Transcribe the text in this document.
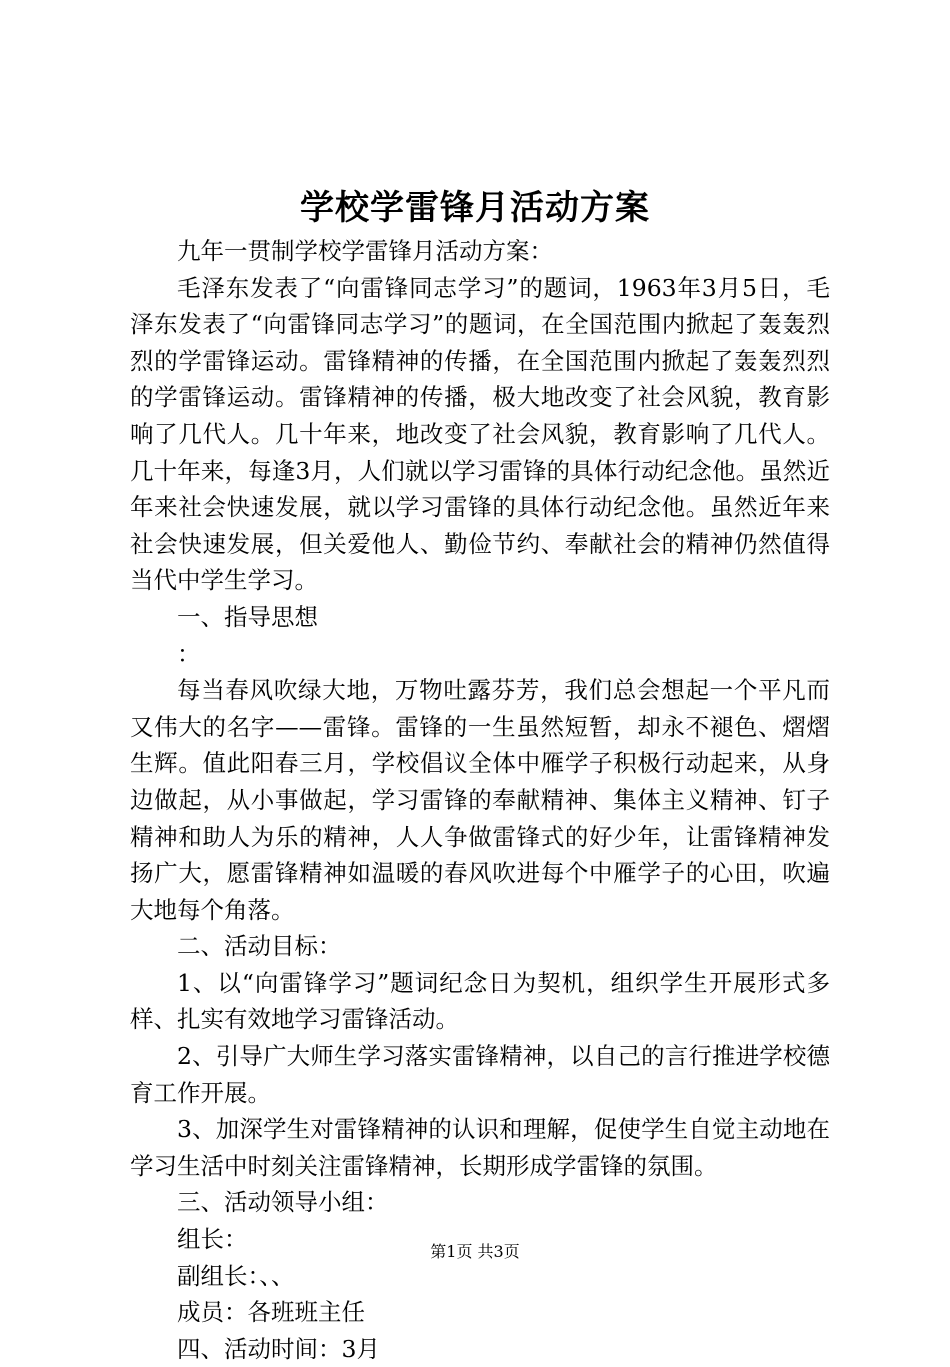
学校学雷锋月活动方案

九年一贯制学校学雷锋月活动方案：

毛泽东发表了“向雷锋同志学习”的题词，1963年3月5日，毛泽东发表了“向雷锋同志学习”的题词，在全国范围内掀起了轰轰烈烈的学雷锋运动。雷锋精神的传播，在全国范围内掀起了轰轰烈烈的学雷锋运动。雷锋精神的传播，极大地改变了社会风貌，教育影响了几代人。几十年来，地改变了社会风貌，教育影响了几代人。几十年来，每逢3月，人们就以学习雷锋的具体行动纪念他。虽然近年来社会快速发展，就以学习雷锋的具体行动纪念他。虽然近年来社会快速发展，但关爱他人、勤俭节约、奉献社会的精神仍然值得当代中学生学习。

一、指导思想

：

每当春风吹绿大地，万物吐露芬芳，我们总会想起一个平凡而又伟大的名字——雷锋。雷锋的一生虽然短暂，却永不褪色、熠熠生辉。值此阳春三月，学校倡议全体中雁学子积极行动起来，从身边做起，从小事做起，学习雷锋的奉献精神、集体主义精神、钉子精神和助人为乐的精神，人人争做雷锋式的好少年，让雷锋精神发扬广大，愿雷锋精神如温暖的春风吹进每个中雁学子的心田，吹遍大地每个角落。

二、活动目标：

1、以“向雷锋学习”题词纪念日为契机，组织学生开展形式多样、扎实有效地学习雷锋活动。

2、引导广大师生学习落实雷锋精神，以自己的言行推进学校德育工作开展。

3、加深学生对雷锋精神的认识和理解，促使学生自觉主动地在学习生活中时刻关注雷锋精神，长期形成学雷锋的氛围。

三、活动领导小组：

组长：

副组长：、、

成员：各班班主任

四、活动时间：3月

第1页 共3页
